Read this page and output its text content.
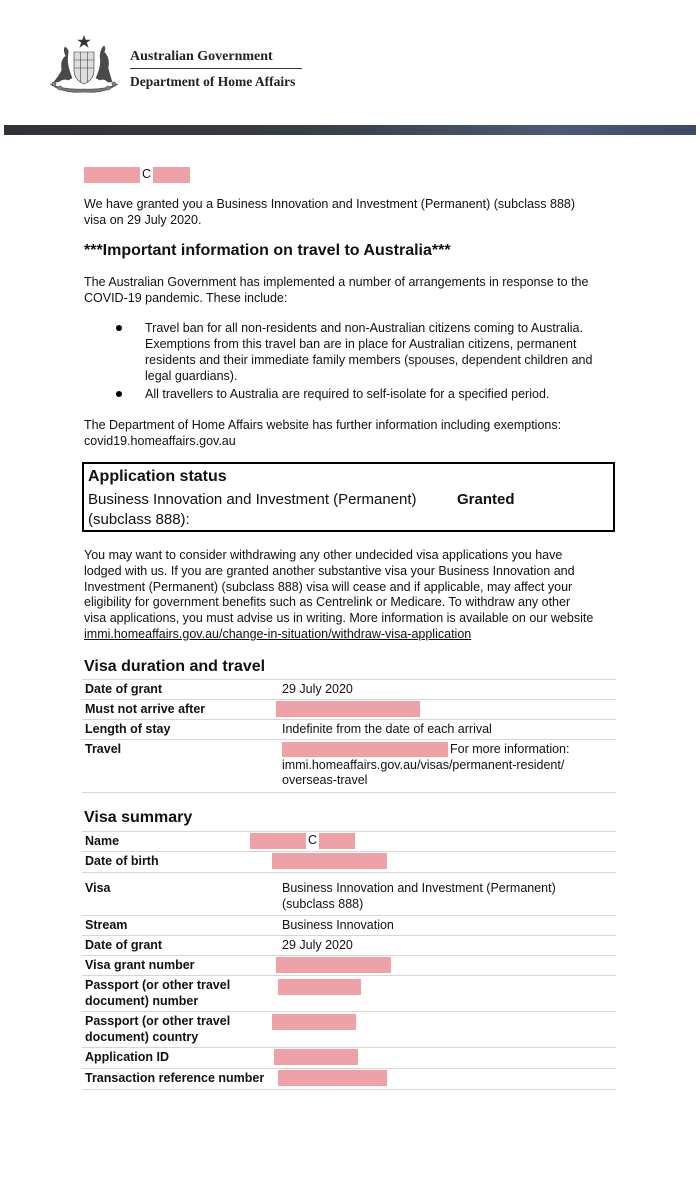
Australian Government
Department of Home Affairs
C
We have granted you a Business Innovation and Investment (Permanent) (subclass 888)
visa on 29 July 2020.
***Important information on travel to Australia***
The Australian Government has implemented a number of arrangements in response to the
COVID-19 pandemic. These include:
Travel ban for all non-residents and non-Australian citizens coming to Australia.
Exemptions from this travel ban are in place for Australian citizens, permanent
residents and their immediate family members (spouses, dependent children and
legal guardians).
All travellers to Australia are required to self-isolate for a specified period.
The Department of Home Affairs website has further information including exemptions:
covid19.homeaffairs.gov.au
Application status
Business Innovation and Investment (Permanent)
(subclass 888):
Granted
You may want to consider withdrawing any other undecided visa applications you have
lodged with us. If you are granted another substantive visa your Business Innovation and
Investment (Permanent) (subclass 888) visa will cease and if applicable, may affect your
eligibility for government benefits such as Centrelink or Medicare. To withdraw any other
visa applications, you must advise us in writing. More information is available on our website
immi.homeaffairs.gov.au/change-in-situation/withdraw-visa-application
Visa duration and travel
Date of grant	29 July 2020
Must not arrive after
Length of stay	Indefinite from the date of each arrival
Travel	For more information:
immi.homeaffairs.gov.au/visas/permanent-resident/
overseas-travel
Visa summary
Name	C
Date of birth
Visa	Business Innovation and Investment (Permanent)
(subclass 888)
Stream	Business Innovation
Date of grant	29 July 2020
Visa grant number
Passport (or other travel
document) number
Passport (or other travel
document) country
Application ID
Transaction reference number
